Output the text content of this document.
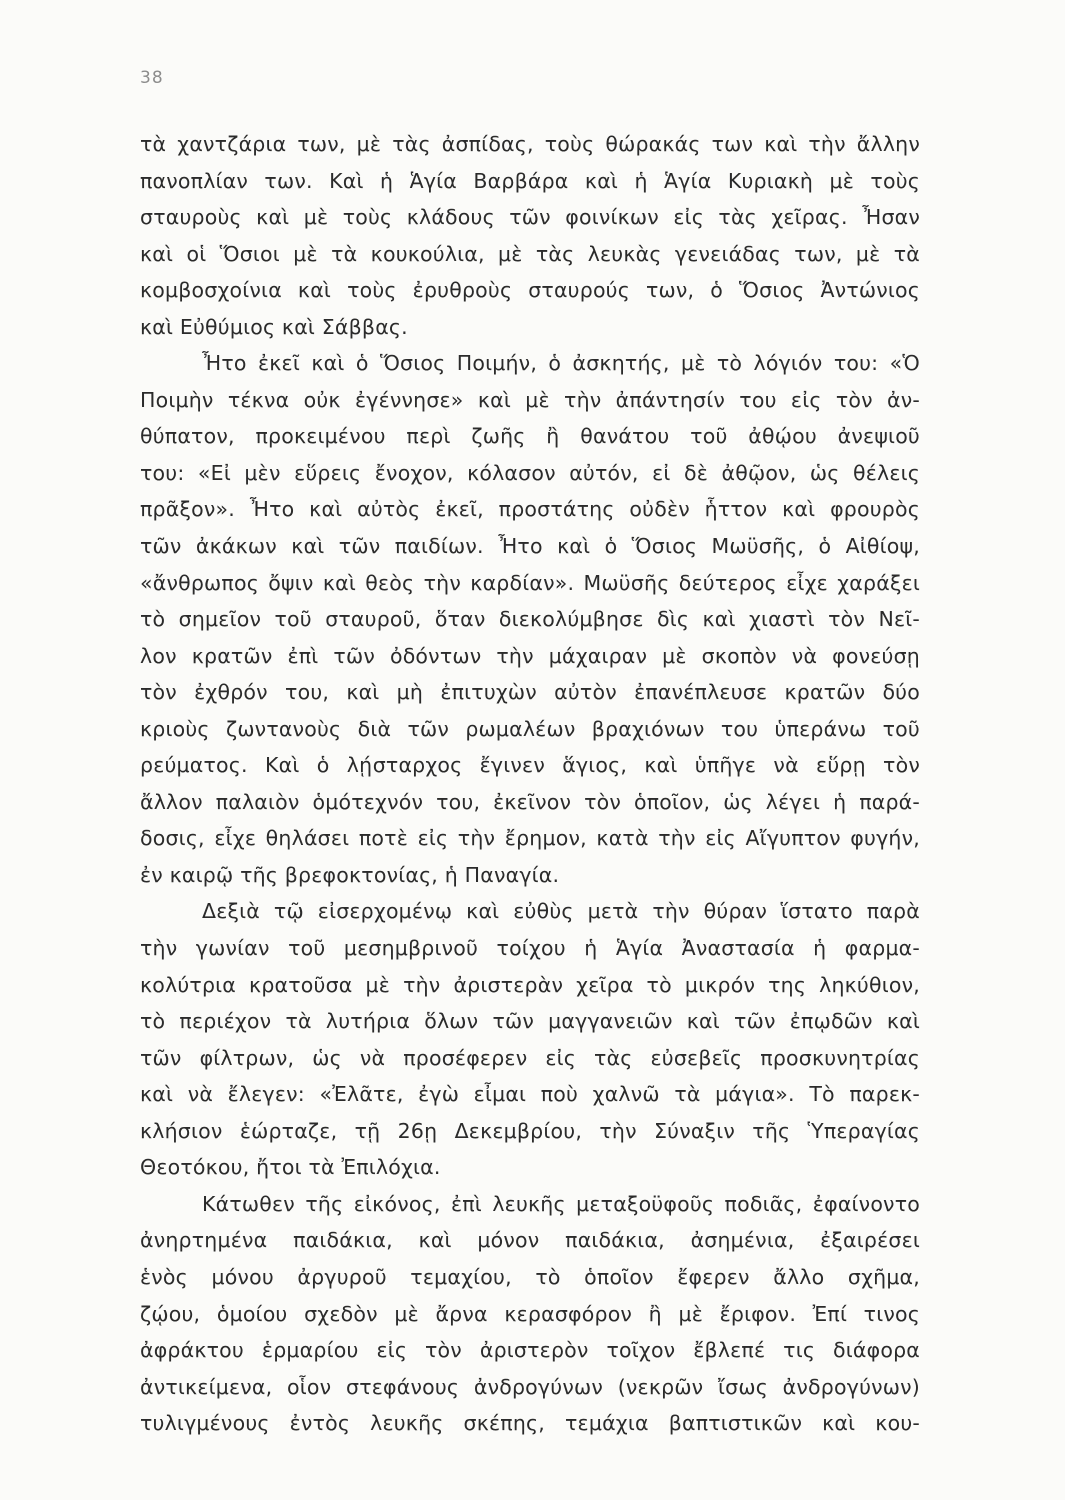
38
τὰ χαντζάρια των, μὲ τὰς ἀσπίδας, τοὺς θώρακάς των καὶ τὴν ἄλλην
πανοπλίαν των. Καὶ ἡ Ἁγία Βαρβάρα καὶ ἡ Ἁγία Κυριακὴ μὲ τοὺς
σταυροὺς καὶ μὲ τοὺς κλάδους τῶν φοινίκων εἰς τὰς χεῖρας. Ἦσαν
καὶ οἱ Ὅσιοι μὲ τὰ κουκούλια, μὲ τὰς λευκὰς γενειάδας των, μὲ τὰ
κομβοσχοίνια καὶ τοὺς ἐρυθροὺς σταυρούς των, ὁ Ὅσιος Ἀντώνιος
καὶ Εὐθύμιος καὶ Σάββας.
Ἦτο ἐκεῖ καὶ ὁ Ὅσιος Ποιμήν, ὁ ἀσκητής, μὲ τὸ λόγιόν του: «Ὁ
Ποιμὴν τέκνα οὐκ ἐγέννησε» καὶ μὲ τὴν ἀπάντησίν του εἰς τὸν ἀν-
θύπατον, προκειμένου περὶ ζωῆς ἢ θανάτου τοῦ ἀθῴου ἀνεψιοῦ
του: «Εἰ μὲν εὕρεις ἔνοχον, κόλασον αὐτόν, εἰ δὲ ἀθῷον, ὡς θέλεις
πρᾶξον». Ἦτο καὶ αὐτὸς ἐκεῖ, προστάτης οὐδὲν ἧττον καὶ φρουρὸς
τῶν ἀκάκων καὶ τῶν παιδίων. Ἦτο καὶ ὁ Ὅσιος Μωϋσῆς, ὁ Αἰθίοψ,
«ἄνθρωπος ὄψιν καὶ θεὸς τὴν καρδίαν». Μωϋσῆς δεύτερος εἶχε χαράξει
τὸ σημεῖον τοῦ σταυροῦ, ὅταν διεκολύμβησε δὶς καὶ χιαστὶ τὸν Νεῖ-
λον κρατῶν ἐπὶ τῶν ὀδόντων τὴν μάχαιραν μὲ σκοπὸν νὰ φονεύσῃ
τὸν ἐχθρόν του, καὶ μὴ ἐπιτυχὼν αὐτὸν ἐπανέπλευσε κρατῶν δύο
κριοὺς ζωντανοὺς διὰ τῶν ρωμαλέων βραχιόνων του ὑπεράνω τοῦ
ρεύματος. Καὶ ὁ λῄσταρχος ἔγινεν ἅγιος, καὶ ὑπῆγε νὰ εὕρῃ τὸν
ἄλλον παλαιὸν ὁμότεχνόν του, ἐκεῖνον τὸν ὁποῖον, ὡς λέγει ἡ παρά-
δοσις, εἶχε θηλάσει ποτὲ εἰς τὴν ἔρημον, κατὰ τὴν εἰς Αἴγυπτον φυγήν,
ἐν καιρῷ τῆς βρεφοκτονίας, ἡ Παναγία.
Δεξιὰ τῷ εἰσερχομένῳ καὶ εὐθὺς μετὰ τὴν θύραν ἵστατο παρὰ
τὴν γωνίαν τοῦ μεσημβρινοῦ τοίχου ἡ Ἁγία Ἀναστασία ἡ φαρμα-
κολύτρια κρατοῦσα μὲ τὴν ἀριστερὰν χεῖρα τὸ μικρόν της ληκύθιον,
τὸ περιέχον τὰ λυτήρια ὅλων τῶν μαγγανειῶν καὶ τῶν ἐπῳδῶν καὶ
τῶν φίλτρων, ὡς νὰ προσέφερεν εἰς τὰς εὐσεβεῖς προσκυνητρίας
καὶ νὰ ἔλεγεν: «Ἐλᾶτε, ἐγὼ εἶμαι ποὺ χαλνῶ τὰ μάγια». Τὸ παρεκ-
κλήσιον ἑώρταζε, τῇ 26ῃ Δεκεμβρίου, τὴν Σύναξιν τῆς Ὑπεραγίας
Θεοτόκου, ἤτοι τὰ Ἐπιλόχια.
Κάτωθεν τῆς εἰκόνος, ἐπὶ λευκῆς μεταξοϋφοῦς ποδιᾶς, ἐφαίνοντο
ἀνηρτημένα παιδάκια, καὶ μόνον παιδάκια, ἀσημένια, ἐξαιρέσει
ἑνὸς μόνου ἀργυροῦ τεμαχίου, τὸ ὁποῖον ἔφερεν ἄλλο σχῆμα,
ζῴου, ὁμοίου σχεδὸν μὲ ἄρνα κερασφόρον ἢ μὲ ἔριφον. Ἐπί τινος
ἀφράκτου ἑρμαρίου εἰς τὸν ἀριστερὸν τοῖχον ἔβλεπέ τις διάφορα
ἀντικείμενα, οἷον στεφάνους ἀνδρογύνων (νεκρῶν ἴσως ἀνδρογύνων)
τυλιγμένους ἐντὸς λευκῆς σκέπης, τεμάχια βαπτιστικῶν καὶ κου-
